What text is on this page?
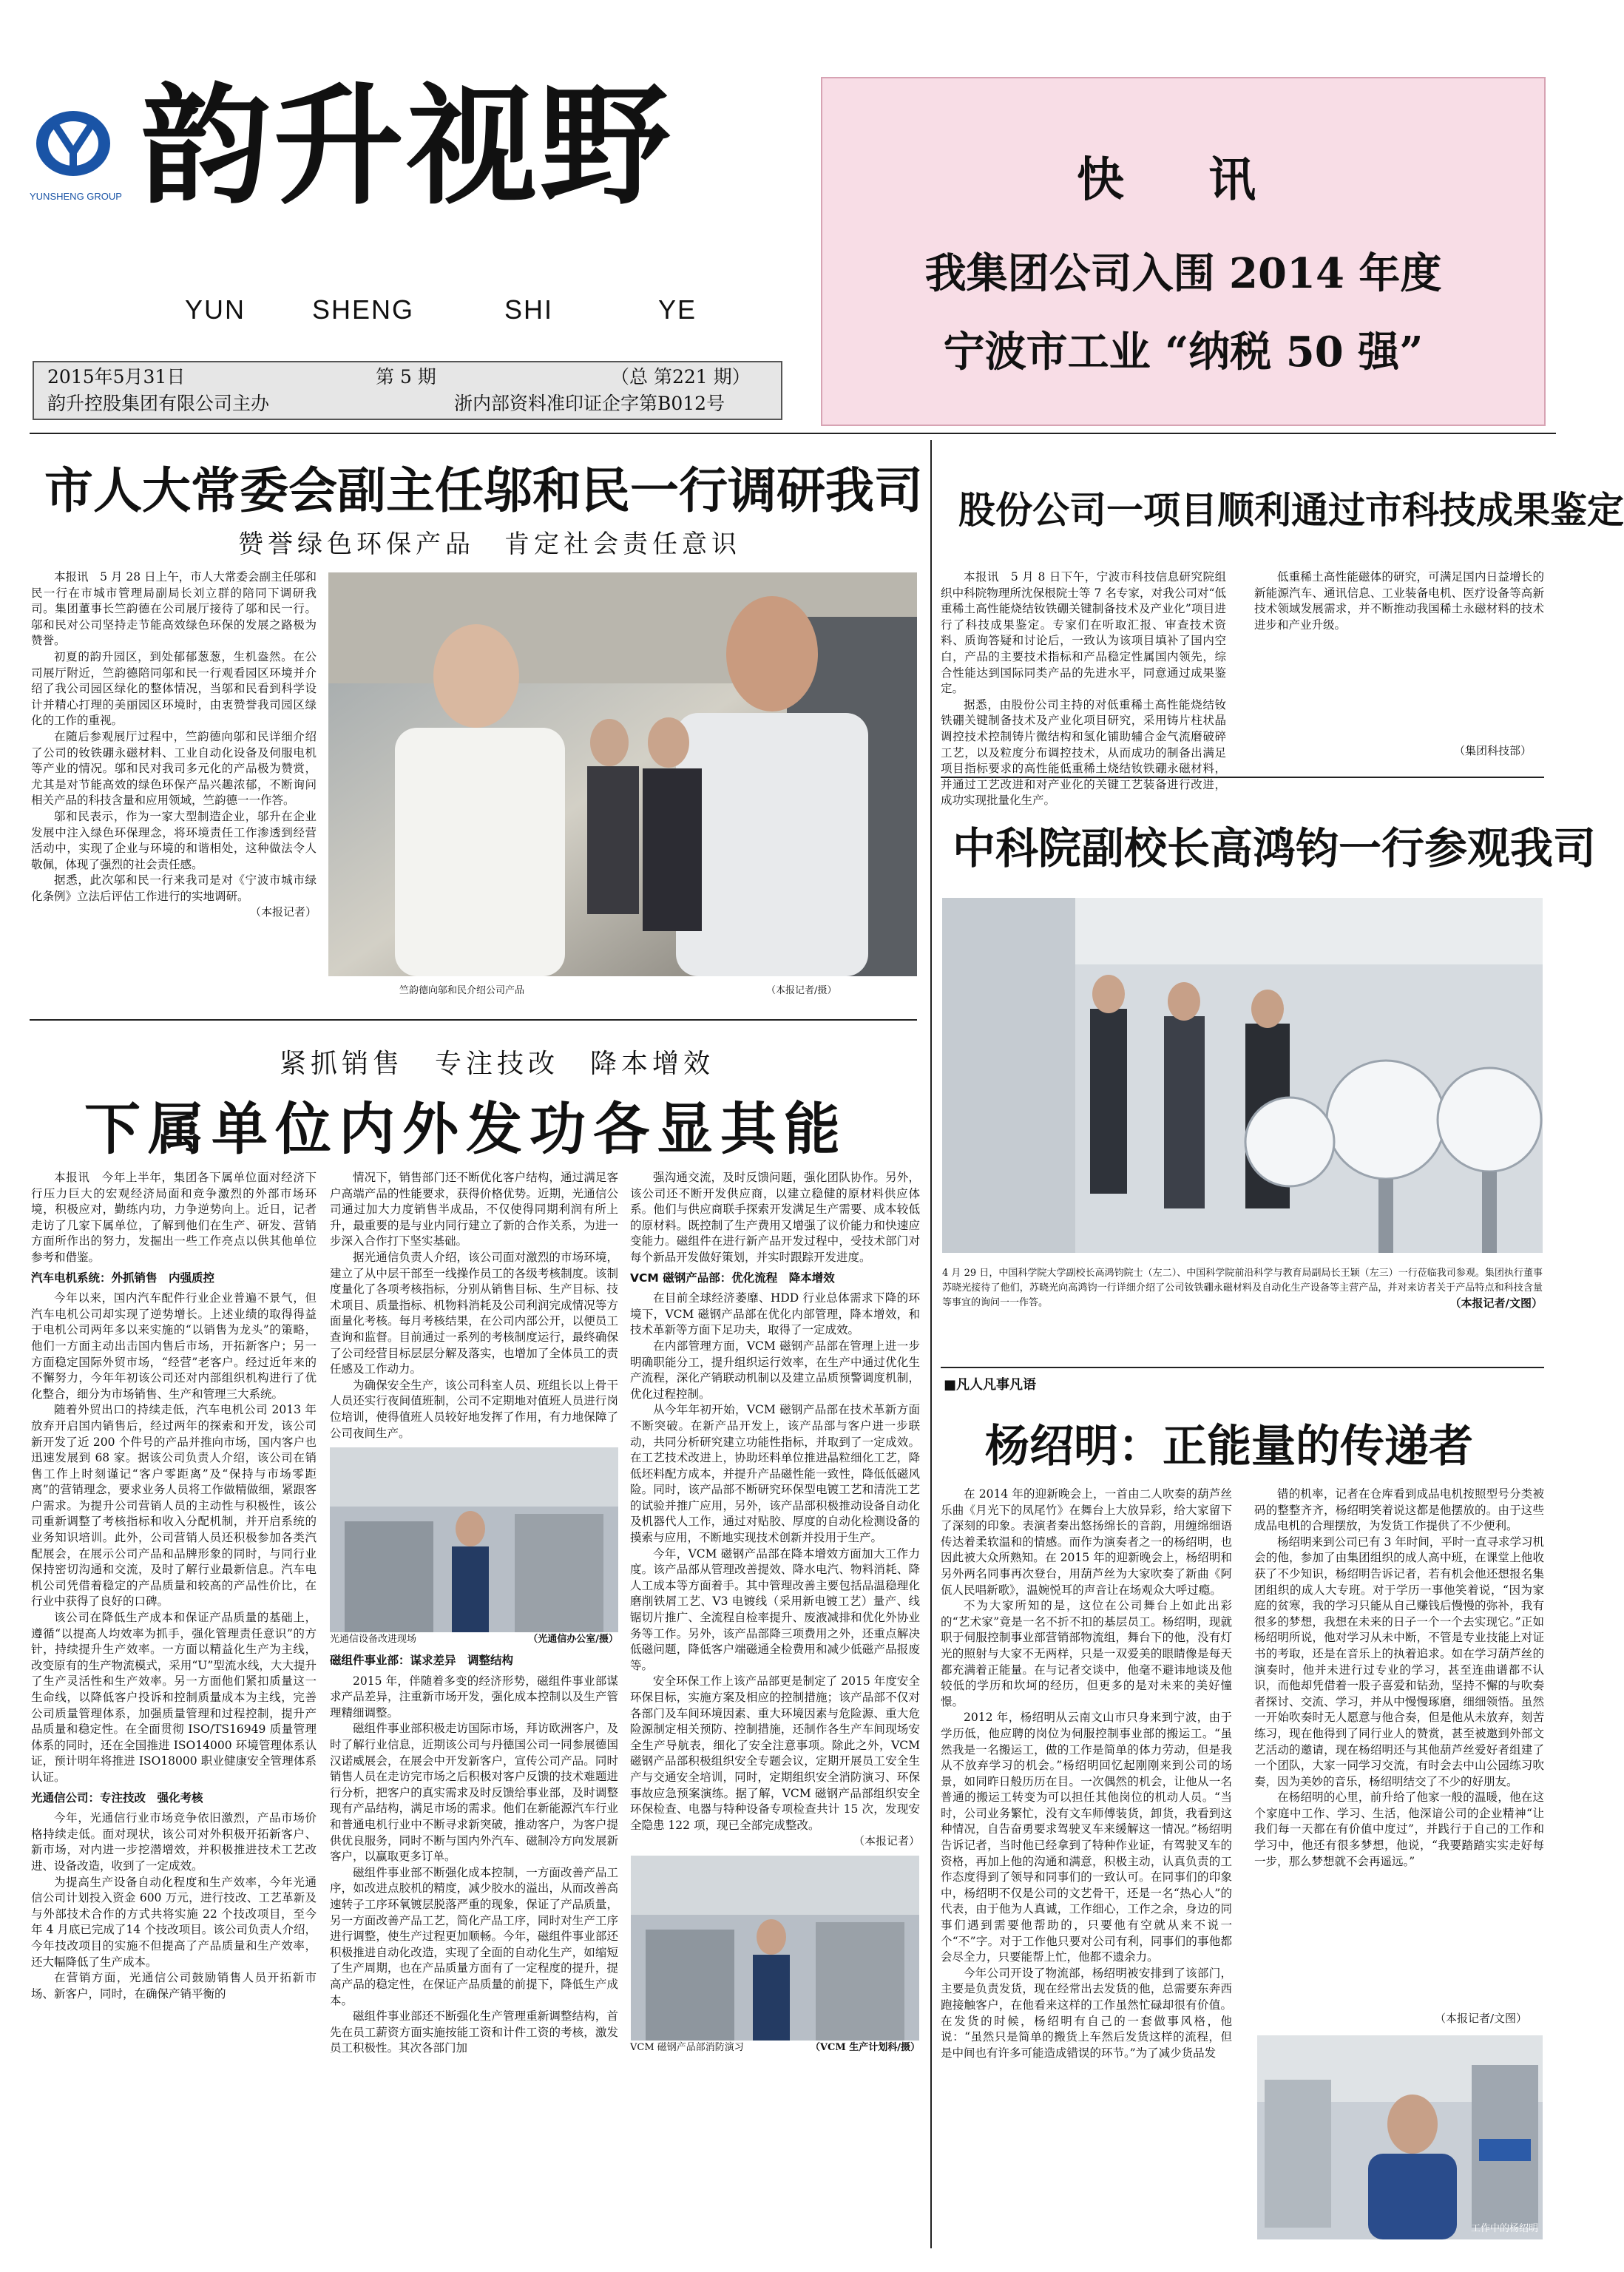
YUNSHENG GROUP 韵升视野
YUN SHENG	SHI	YE
2015年5月31日	第 5 期	（总 第221 期）
韵升控股集团有限公司主办	浙内部资料准印证企字第B012号
快 讯
我集团公司入围 2014 年度
宁波市工业 “纳税 50 强”
市人大常委会副主任邬和民一行调研我司
赞誉绿色环保产品　肯定社会责任意识

本报讯　5 月 28 日上午，市人大常委会副主任邬和民一行在市城市管理局副局长刘立群的陪同下调研我司。集团董事长竺韵德在公司展厅接待了邬和民一行。邬和民对公司坚持走节能高效绿色环保的发展之路极为赞誉。

初夏的韵升园区，到处郁郁葱葱，生机盎然。在公司展厅附近，竺韵德陪同邬和民一行观看园区环境并介绍了我公司园区绿化的整体情况，当邬和民看到科学设计并精心打理的美丽园区环境时，由衷赞誉我司园区绿化的工作的重视。

在随后参观展厅过程中，竺韵德向邬和民详细介绍了公司的钕铁硼永磁材料、工业自动化设备及伺服电机等产业的情况。邬和民对我司多元化的产品极为赞赏，尤其是对节能高效的绿色环保产品兴趣浓郁，不断询问相关产品的科技含量和应用领域，竺韵德一一作答。

邬和民表示，作为一家大型制造企业，邬升在企业发展中注入绿色环保理念，将环境责任工作渗透到经营活动中，实现了企业与环境的和谐相处，这种做法令人敬佩，体现了强烈的社会责任感。

据悉，此次邬和民一行来我司是对《宁波市城市绿化条例》立法后评估工作进行的实地调研。

（本报记者）
竺韵德向邬和民介绍公司产品	（本报记者/摄）
股份公司一项目顺利通过市科技成果鉴定

本报讯　5 月 8 日下午，宁波市科技信息研究院组织中科院物理所沈保根院士等 7 名专家，对我公司对“低重稀土高性能烧结钕铁硼关键制备技术及产业化”项目进行了科技成果鉴定。专家们在听取汇报、审查技术资料、质询答疑和讨论后，一致认为该项目填补了国内空白，产品的主要技术指标和产品稳定性属国内领先，综合性能达到国际同类产品的先进水平，同意通过成果鉴定。

据悉，由股份公司主持的对低重稀土高性能烧结钕铁硼关键制备技术及产业化项目研究，采用铸片柱状晶调控技术控制铸片微结构和氢化铺助辅合金气流磨破碎工艺，以及粒度分布调控技术，从而成功的制备出满足项目指标要求的高性能低重稀土烧结钕铁硼永磁材料，并通过工艺改进和对产业化的关键工艺装备进行改进，成功实现批量化生产。

低重稀土高性能磁体的研究，可满足国内日益增长的新能源汽车、通讯信息、工业装备电机、医疗设备等高新技术领域发展需求，并不断推动我国稀土永磁材料的技术进步和产业升级。

（集团科技部）
中科院副校长高鸿钧一行参观我司
4 月 29 日，中国科学院大学副校长高鸿钧院士（左二）、中国科学院前沿科学与教育局副局长王颖（左三）一行莅临我司参观。集团执行董事苏晓光接待了他们，苏晓光向高鸿钧一行详细介绍了公司钕铁硼永磁材料及自动化生产设备等主营产品，并对来访者关于产品特点和科技含量等事宜的询问一一作答。	（本报记者/文图）
■凡人凡事凡语
杨绍明：正能量的传递者

在 2014 年的迎新晚会上，一首由二人吹奏的葫芦丝乐曲《月光下的凤尾竹》在舞台上大放异彩，给大家留下了深刻的印象。表演者秦出悠扬绵长的音韵，用缠绵细语传达着柔软温和的情感。而作为演奏者之一的杨绍明，也因此被大众所熟知。在 2015 年的迎新晚会上，杨绍明和另外两名同事再次登台，用葫芦丝为大家吹奏了新曲《阿佤人民唱新歌》，温婉悦耳的声音让在场观众大呼过瘾。

不为大家所知的是，这位在公司舞台上如此出彩的“艺术家”竟是一名不折不扣的基层员工。杨绍明，现就职于伺服控制事业部营销部物流组，舞台下的他，没有灯光的照射与大家不无两样，只是一双爱美的眼睛像是每天都充满着正能量。在与记者交谈中，他毫不避讳地谈及他较低的学历和坎坷的经历，但更多的是对未来的美好憧憬。

2012 年，杨绍明从云南文山市只身来到宁波，由于学历低，他应聘的岗位为伺服控制事业部的搬运工。“虽然我是一名搬运工，做的工作是简单的体力劳动，但是我从不放弃学习的机会。”杨绍明回忆起刚刚来到公司的场景，如同昨日般历历在目。一次偶然的机会，让他从一名普通的搬运工转变为可以担任其他岗位的机动人员。“当时，公司业务繁忙，没有文车师傅装货，卸货，我看到这种情况，自告奋勇要求驾驶叉车来缓解这一情况。”杨绍明告诉记者，当时他已经拿到了特种作业证，有驾驶叉车的资格，再加上他的沟通和满意，积极主动，认真负责的工作态度得到了领导和同事们的一致认可。在同事们的印象中，杨绍明不仅是公司的文艺骨干，还是一名“热心人”的代表，由于他为人真诚，工作细心，工作之余，身边的同事们遇到需要他帮助的，只要他有空就从来不说一个“不”字。对于工作他只要对公司有利，同事们的事他都会尽全力，只要能帮上忙，他都不遗余力。

今年公司开设了物流部，杨绍明被安排到了该部门，主要是负责发货，现在经常出去发货的他，总需要东奔西跑接触客户，在他看来这样的工作虽然忙碌却很有价值。在发货的时候，杨绍明有自己的一套做事风格，他说：“虽然只是简单的搬货上车然后发货这样的流程，但是中间也有许多可能造成错误的环节。”为了减少货品发

错的机率，记者在仓库看到成品电机按照型号分类被码的整整齐齐，杨绍明笑着说这都是他摆放的。由于这些成品电机的合理摆放，为发货工作提供了不少便利。

杨绍明来到公司已有 3 年时间，平时一直寻求学习机会的他，参加了由集团组织的成人高中班，在课堂上他收获了不少知识，杨绍明告诉记者，若有机会他还想报名集团组织的成人大专班。对于学历一事他笑着说，“因为家庭的贫寒，我的学习只能从自己赚钱后慢慢的弥补，我有很多的梦想，我想在未来的日子一个一个去实现它。”正如杨绍明所说，他对学习从未中断，不管是专业技能上对证书的考取，还是在音乐上的执着追求。如在学习葫芦丝的演奏时，他并未进行过专业的学习，甚至连曲谱都不认识，而他却凭借着一股子喜爱和钻劲，坚持不懈的与吹奏者探讨、交流、学习，并从中慢慢琢磨，细细领悟。虽然一开始吹奏时无人愿意与他合奏，但是他从未放弃，刻苦练习，现在他得到了同行业人的赞赏，甚至被邀到外部文艺活动的邀请，现在杨绍明还与其他葫芦丝爱好者组建了一个团队，大家一同学习交流，有时会去中山公园练习吹奏，因为美妙的音乐，杨绍明结交了不少的好朋友。

在杨绍明的心里，前升给了他家一般的温暖，他在这个家庭中工作、学习、生活，他深谙公司的企业精神“让我们每一天都在有价值中度过”，并践行于自己的工作和学习中，他还有很多梦想，他说，“我要踏踏实实走好每一步，那么梦想就不会再遥远。”

（本报记者/文图）
工作中的杨绍明
紧抓销售　专注技改　降本增效
下属单位内外发功各显其能

本报讯　今年上半年，集团各下属单位面对经济下行压力巨大的宏观经济局面和竞争激烈的外部市场环境，积极应对，勤练内功，力争逆势向上。近日，记者走访了几家下属单位，了解到他们在生产、研发、营销方面所作出的努力，发掘出一些工作亮点以供其他单位参考和借鉴。

汽车电机系统：外抓销售　内强质控

今年以来，国内汽车配件行业企业普遍不景气，但汽车电机公司却实现了逆势增长。上述业绩的取得得益于电机公司两年多以来实施的“以销售为龙头”的策略，他们一方面主动出击国内售后市场，开拓新客户；另一方面稳定国际外贸市场，“经营”老客户。经过近年来的不懈努力，今年年初该公司还对内部组织机构进行了优化整合，细分为市场销售、生产和管理三大系统。

随着外贸出口的持续走低，汽车电机公司 2013 年放弃开启国内销售后，经过两年的探索和开发，该公司新开发了近 200 个件号的产品并推向市场，国内客户也迅速发展到 68 家。据该公司负责人介绍，该公司在销售工作上时刻谨记“客户零距离”及“保持与市场零距离”的营销理念，要求业务人员将工作做精做细，紧跟客户需求。为提升公司营销人员的主动性与积极性，该公司重新调整了考核指标和收入分配机制，并开启系统的业务知识培训。此外，公司营销人员还积极参加各类汽配展会，在展示公司产品和品牌形象的同时，与同行业保持密切沟通和交流，及时了解行业最新信息。汽车电机公司凭借着稳定的产品质量和较高的产品性价比，在行业中获得了良好的口碑。

该公司在降低生产成本和保证产品质量的基础上，遵循“以提高人均效率为抓手，强化管理责任意识”的方针，持续提升生产效率。一方面以精益化生产为主线，改变原有的生产物流模式，采用“U”型流水线，大大提升了生产灵活性和生产效率。另一方面他们紧扣质量这一生命线，以降低客户投诉和控制质量成本为主线，完善公司质量管理体系，加强质量管理和过程控制，提升产品质量和稳定性。在全面贯彻 ISO/TS16949 质量管理体系的同时，还在全国推进 ISO14000 环境管理体系认证，预计明年将推进 ISO18000 职业健康安全管理体系认证。

光通信公司：专注技改　强化考核

今年，光通信行业市场竞争依旧激烈，产品市场价格持续走低。面对现状，该公司对外积极开拓新客户、新市场，对内进一步挖潜增效，并积极推进技术工艺改进、设备改造，收到了一定成效。

为提高生产设备自动化程度和生产效率，今年光通信公司计划投入资金 600 万元，进行技改、工艺革新及与外部技术合作的方式共将实施 22 个技改项目，至今年 4 月底已完成了14 个技改项目。该公司负责人介绍，今年技改项目的实施不但提高了产品质量和生产效率，还大幅降低了生产成本。

在营销方面，光通信公司鼓励销售人员开拓新市场、新客户，同时，在确保产销平衡的

情况下，销售部门还不断优化客户结构，通过满足客户高端产品的性能要求，获得价格优势。近期，光通信公司通过加大力度销售半成品，不仅使得同期利润有所上升，最重要的是与业内同行建立了新的合作关系，为进一步深入合作打下坚实基础。

据光通信负责人介绍，该公司面对激烈的市场环境，建立了从中层干部至一线操作员工的各级考核制度。该制度量化了各项考核指标，分别从销售目标、生产目标、技术项目、质量指标、机物料消耗及公司利润完成情况等方面量化考核。每月考核结果，在公司内部公开，以便员工查询和监督。目前通过一系列的考核制度运行，最终确保了公司经营目标层层分解及落实，也增加了全体员工的责任感及工作动力。

为确保安全生产，该公司科室人员、班组长以上骨干人员还实行夜间值班制，公司不定期地对值班人员进行岗位培训，使得值班人员较好地发挥了作用，有力地保障了公司夜间生产。

（光通信办公室/摄）
光通信设备改进现场

磁组件事业部：谋求差异　调整结构

2015 年，伴随着多变的经济形势，磁组件事业部谋求产品差异，注重新市场开发，强化成本控制以及生产管理精细调整。

磁组件事业部积极走访国际市场，拜访欧洲客户，及时了解行业信息，近期该公司与丹德国公司一同参展德国汉诺威展会，在展会中开发新客户，宣传公司产品。同时销售人员在走访完市场之后积极对客户反馈的技术难题进行分析，把客户的真实需求及时反馈给事业部，及时调整现有产品结构，满足市场的需求。他们在新能源汽车行业和普通电机行业中不断寻求新突破，推动客户，为客户提供优良服务，同时不断与国内外汽车、磁制冷方向发展新客户，以赢取更多订单。

磁组件事业部不断强化成本控制，一方面改善产品工序，如改进点胶机的精度，减少胶水的溢出，从而改善高速转子工序环氧镀层脱落严重的现象，保证了产品质量，另一方面改善产品工艺，简化产品工序，同时对生产工序进行调整，使生产过程更加顺畅。今年，磁组件事业部还积极推进自动化改造，实现了全面的自动化生产，如缩短了生产周期，也在产品质量方面有了一定程度的提升，提高产品的稳定性，在保证产品质量的前提下，降低生产成本。

磁组件事业部还不断强化生产管理重新调整结构，首先在员工薪资方面实施按能工资和计件工资的考核，激发员工积极性。其次各部门加

强沟通交流，及时反馈问题，强化团队协作。另外，该公司还不断开发供应商，以建立稳健的原材料供应体系。他们与供应商联手探索开发满足生产需要、成本较低的原材料。既控制了生产费用又增强了议价能力和快速应变能力。磁组件在进行新产品开发过程中，受技术部门对每个新品开发做好策划，并实时跟踪开发进度。

VCM 磁钢产品部：优化流程　降本增效

在目前全球经济萎靡、HDD 行业总体需求下降的环境下，VCM 磁钢产品部在优化内部管理，降本增效，和技术革新等方面下足功夫，取得了一定成效。

在内部管理方面，VCM 磁钢产品部在管理上进一步明确职能分工，提升组织运行效率，在生产中通过优化生产流程，深化产销联动机制以及建立品质预警调度机制，优化过程控制。

从今年年初开始，VCM 磁钢产品部在技术革新方面不断突破。在新产品开发上，该产品部与客户进一步联动，共同分析研究建立功能性指标，并取到了一定成效。在工艺技术改进上，协助坯料单位推进晶粒细化工艺，降低坯料配方成本，并提升产品磁性能一致性，降低低磁风险。同时，该产品部不断研究环保型电镀工艺和清洗工艺的试验并推广应用，另外，该产品部积极推动设备自动化及机器代人工作，通过对贴胶、厚度的自动化检测设备的摸索与应用，不断地实现技术创新并投用于生产。

今年，VCM 磁钢产品部在降本增效方面加大工作力度。该产品部从管理改善提效、降水电汽、物料消耗、降人工成本等方面着手。其中管理改善主要包括品温稳理化磨削铁屑工艺、V3 电镀线（采用新电镀工艺）量产、线锯切片推广、全流程自检率提升、废液减排和优化外协业务等工作。另外，该产品部降三项费用之外，还重点解决低磁问题，降低客户端磁通全检费用和减少低磁产品报废等。

安全环保工作上该产品部更是制定了 2015 年度安全环保目标，实施方案及相应的控制措施；该产品部不仅对各部门及车间环境因素、重大环境因素与危险源、重大危险源制定相关预防、控制措施，还制作各生产车间现场安全生产导航表，细化了安全注意事项。除此之外，VCM 磁钢产品部积极组织安全专题会议，定期开展员工安全生产与交通安全培训，同时，定期组织安全消防演习、环保事故应急预案演练。据了解，VCM 磁钢产品部组织安全环保检查、电器与特种设备专项检查共计 15 次，发现安全隐患 122 项，现已全部完成整改。

（本报记者）
（VCM 生产计划科/摄）
VCM 磁钢产品部消防演习
